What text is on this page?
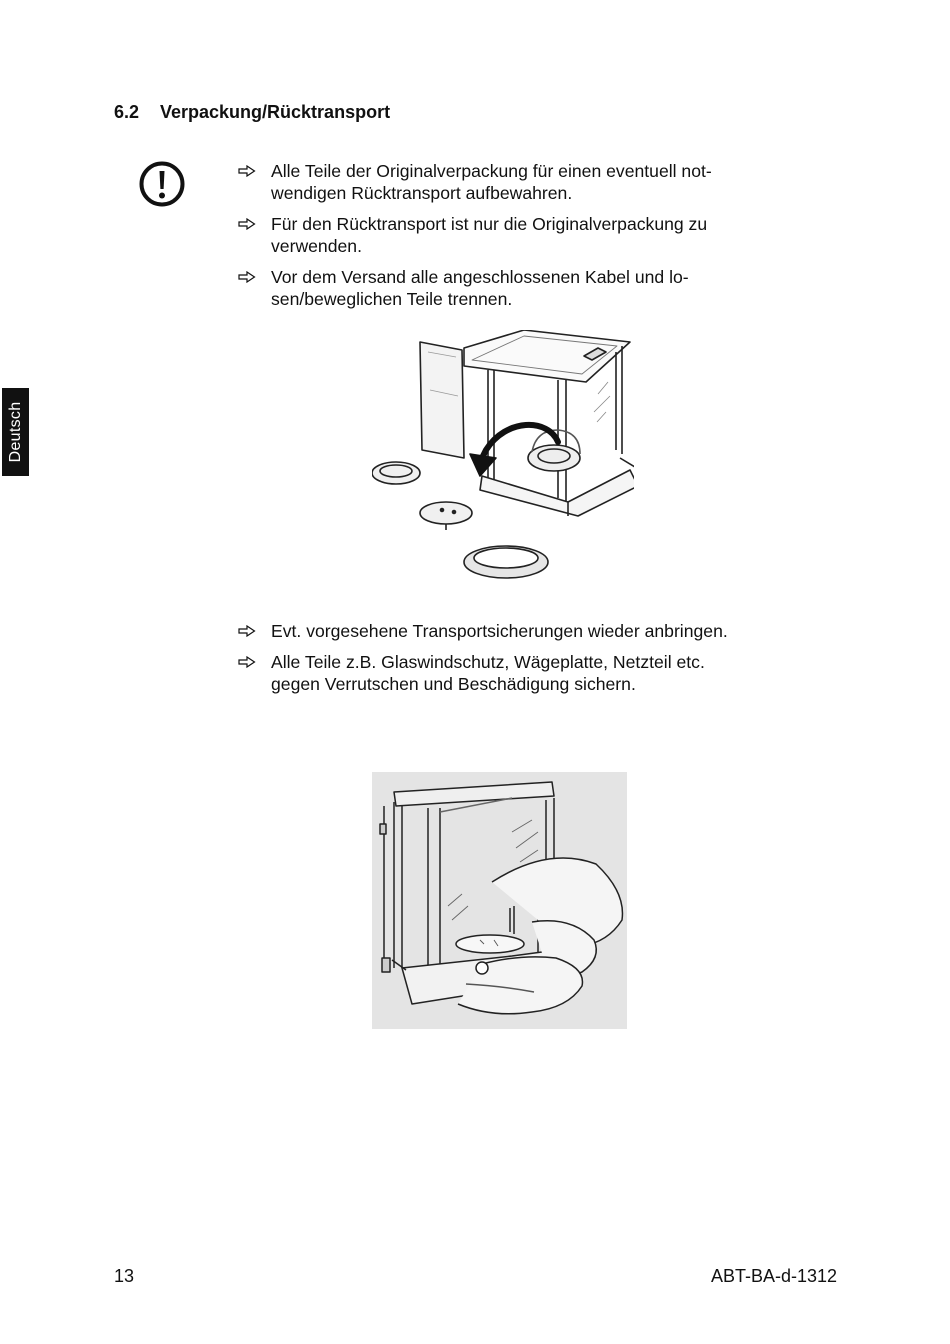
6.2 Verpackung/Rücktransport
Deutsch
Alle Teile der Originalverpackung für einen eventuell not-
wendigen Rücktransport aufbewahren.
Für den Rücktransport ist nur die Originalverpackung zu
verwenden.
Vor dem Versand alle angeschlossenen Kabel und lo-
sen/beweglichen Teile trennen.
Evt. vorgesehene Transportsicherungen wieder anbringen.
Alle Teile z.B. Glaswindschutz, Wägeplatte, Netzteil etc.
gegen Verrutschen und Beschädigung sichern.
13	ABT-BA-d-1312
